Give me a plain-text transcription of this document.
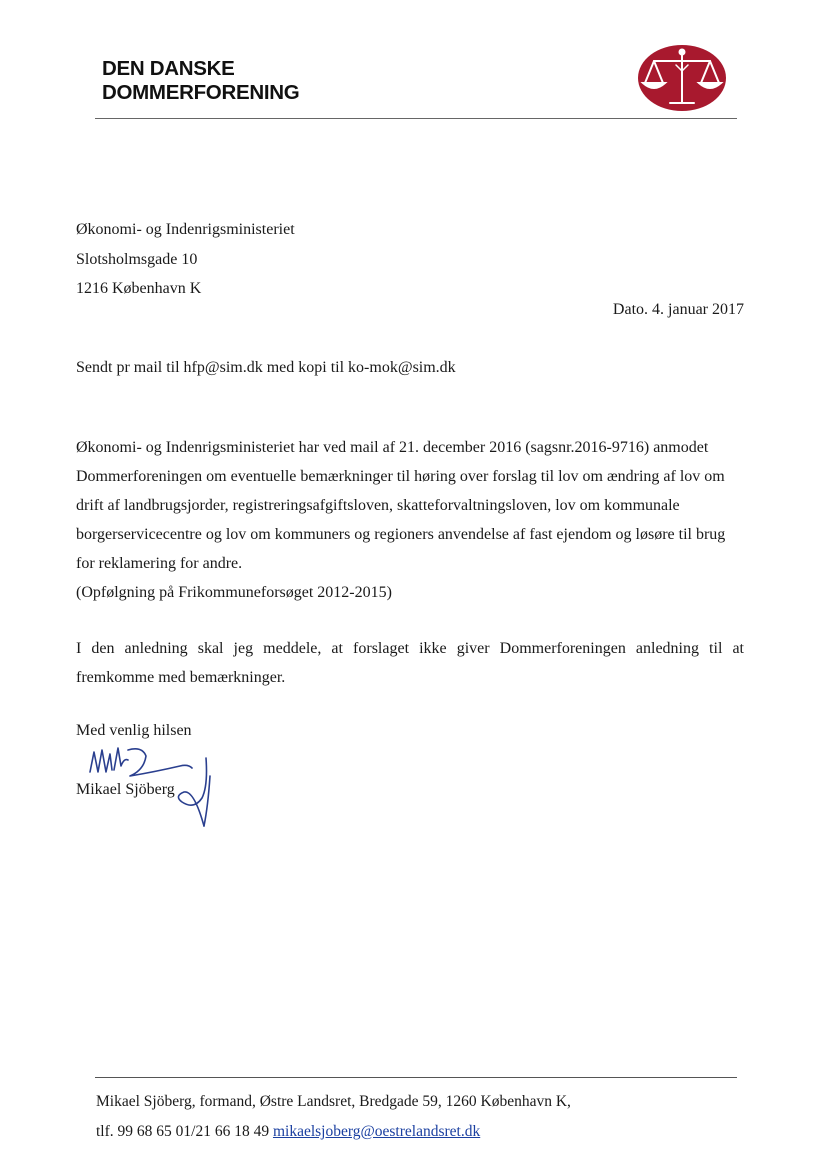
DEN DANSKE
DOMMERFORENING
Økonomi- og Indenrigsministeriet
Slotsholmsgade 10
1216 København K
Dato. 4. januar 2017
Sendt pr mail til hfp@sim.dk med kopi til ko-mok@sim.dk
Økonomi- og Indenrigsministeriet har ved mail af 21. december 2016 (sagsnr.2016-9716) anmodet
Dommerforeningen om eventuelle bemærkninger til høring over forslag til lov om ændring af lov om
drift af landbrugsjorder, registreringsafgiftsloven, skatteforvaltningsloven, lov om kommunale
borgerservicecentre og lov om kommuners og regioners anvendelse af fast ejendom og løsøre til brug
for reklamering for andre.
(Opfølgning på Frikommuneforsøget 2012-2015)
I den anledning skal jeg meddele, at forslaget ikke giver Dommerforeningen anledning til at
fremkomme med bemærkninger.
Med venlig hilsen
Mikael Sjöberg
Mikael Sjöberg, formand, Østre Landsret, Bredgade 59, 1260 København K,
tlf. 99 68 65 01/21 66 18 49 mikaelsjoberg@oestrelandsret.dk
